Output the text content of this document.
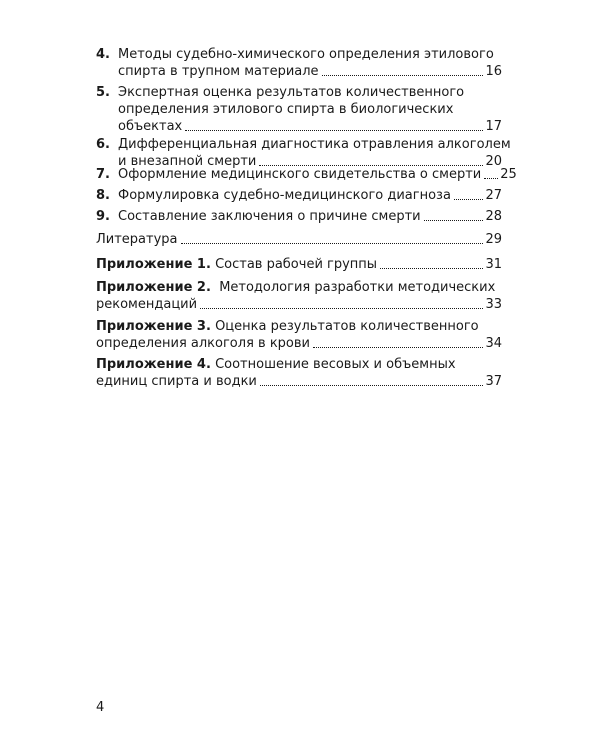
4. Методы судебно-химического определения этилового
спирта в трупном материале	16
5. Экспертная оценка результатов количественного
определения этилового спирта в биологических
объектах	17
6. Дифференциальная диагностика отравления алкоголем
и внезапной смерти	20
7. Оформление медицинского свидетельства о смерти 25
8. Формулировка судебно-медицинского диагноза	27
9. Составление заключения о причине смерти	28
Литература	29
Приложение 1. Состав рабочей группы	31
Приложение 2. Методология разработки методических
рекомендаций	33
Приложение 3. Оценка результатов количественного
определения алкоголя в крови	34
Приложение 4. Соотношение весовых и объемных
единиц спирта и водки	37
4
